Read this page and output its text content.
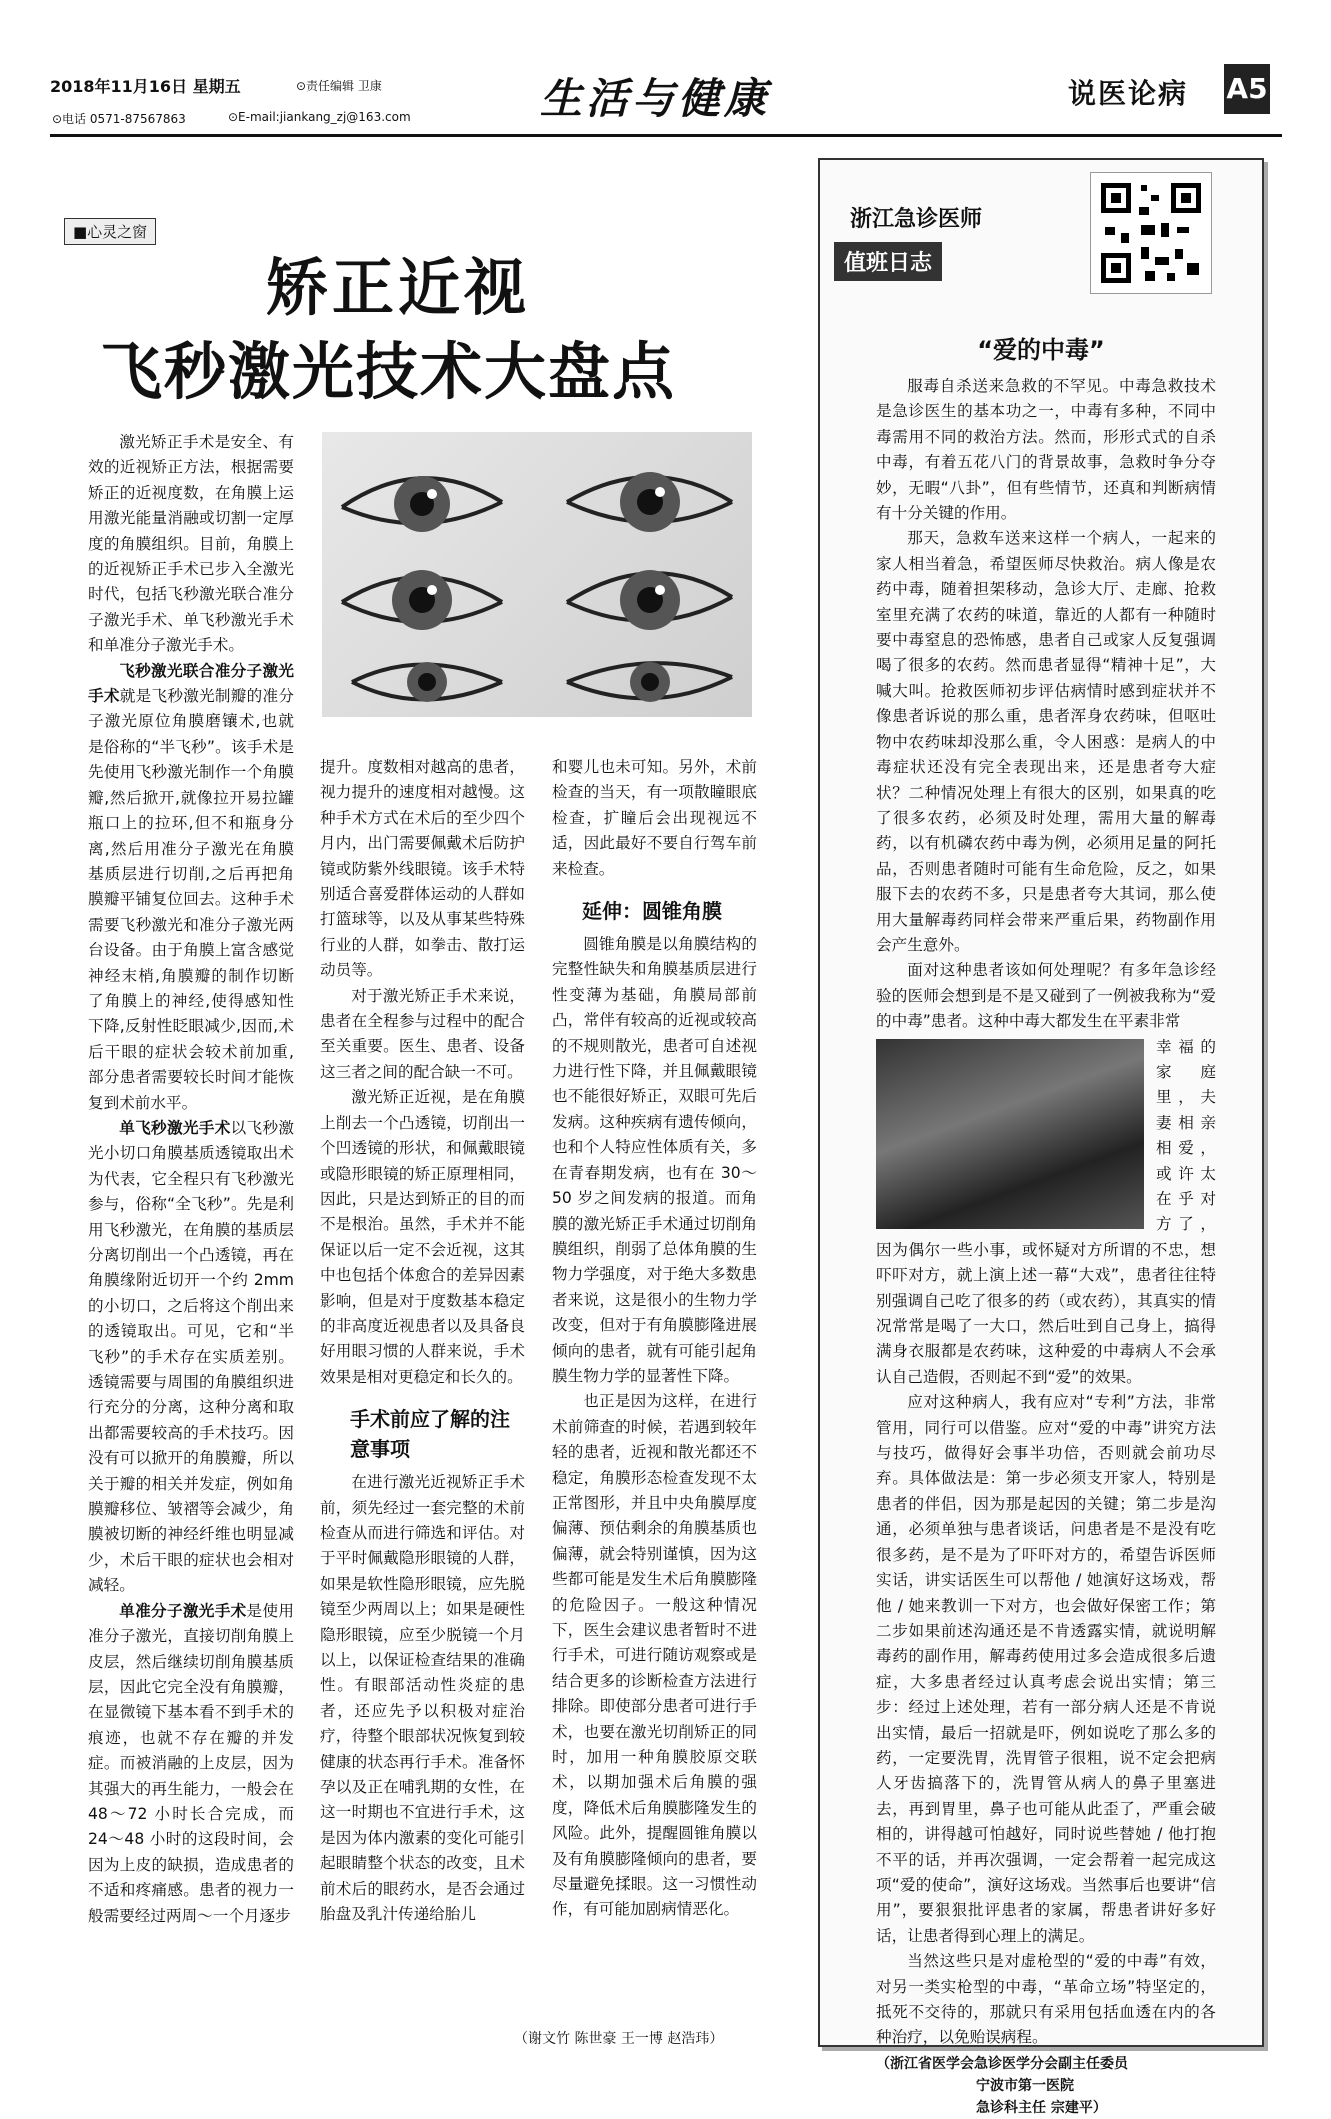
2018年11月16日 星期五	⊙责任编辑 卫康
⊙电话 0571-87567863	⊙E-mail:jiankang_zj@163.com	生活与健康	说医论病 A5
■心灵之窗
矫正近视
飞秒激光技术大盘点

激光矫正手术是安全、有效的近视矫正方法，根据需要矫正的近视度数，在角膜上运用激光能量消融或切割一定厚度的角膜组织。目前，角膜上的近视矫正手术已步入全激光时代，包括飞秒激光联合准分子激光手术、单飞秒激光手术和单准分子激光手术。

飞秒激光联合准分子激光手术就是飞秒激光制瓣的准分子激光原位角膜磨镶术,也就是俗称的“半飞秒”。该手术是先使用飞秒激光制作一个角膜瓣,然后掀开,就像拉开易拉罐瓶口上的拉环,但不和瓶身分离,然后用准分子激光在角膜基质层进行切削,之后再把角膜瓣平铺复位回去。这种手术需要飞秒激光和准分子激光两台设备。由于角膜上富含感觉神经末梢,角膜瓣的制作切断了角膜上的神经,使得感知性下降,反射性眨眼减少,因而,术后干眼的症状会较术前加重,部分患者需要较长时间才能恢复到术前水平。

单飞秒激光手术以飞秒激光小切口角膜基质透镜取出术为代表，它全程只有飞秒激光参与，俗称“全飞秒”。先是利用飞秒激光，在角膜的基质层分离切削出一个凸透镜，再在角膜缘附近切开一个约 2mm 的小切口，之后将这个削出来的透镜取出。可见，它和“半飞秒”的手术存在实质差别。透镜需要与周围的角膜组织进行充分的分离，这种分离和取出都需要较高的手术技巧。因没有可以掀开的角膜瓣，所以关于瓣的相关并发症，例如角膜瓣移位、皱褶等会减少，角膜被切断的神经纤维也明显减少，术后干眼的症状也会相对减轻。

单准分子激光手术是使用准分子激光，直接切削角膜上皮层，然后继续切削角膜基质层，因此它完全没有角膜瓣，在显微镜下基本看不到手术的痕迹，也就不存在瓣的并发症。而被消融的上皮层，因为其强大的再生能力，一般会在 48～72 小时长合完成，而 24～48 小时的这段时间，会因为上皮的缺损，造成患者的不适和疼痛感。患者的视力一般需要经过两周～一个月逐步

提升。度数相对越高的患者，视力提升的速度相对越慢。这种手术方式在术后的至少四个月内，出门需要佩戴术后防护镜或防紫外线眼镜。该手术特别适合喜爱群体运动的人群如打篮球等，以及从事某些特殊行业的人群，如拳击、散打运动员等。

对于激光矫正手术来说，患者在全程参与过程中的配合至关重要。医生、患者、设备这三者之间的配合缺一不可。

激光矫正近视，是在角膜上削去一个凸透镜，切削出一个凹透镜的形状，和佩戴眼镜或隐形眼镜的矫正原理相同，因此，只是达到矫正的目的而不是根治。虽然，手术并不能保证以后一定不会近视，这其中也包括个体愈合的差异因素影响，但是对于度数基本稳定的非高度近视患者以及具备良好用眼习惯的人群来说，手术效果是相对更稳定和长久的。

手术前应了解的注意事项

在进行激光近视矫正手术前，须先经过一套完整的术前检查从而进行筛选和评估。对于平时佩戴隐形眼镜的人群，如果是软性隐形眼镜，应先脱镜至少两周以上；如果是硬性隐形眼镜，应至少脱镜一个月以上，以保证检查结果的准确性。有眼部活动性炎症的患者，还应先予以积极对症治疗，待整个眼部状况恢复到较健康的状态再行手术。准备怀孕以及正在哺乳期的女性，在这一时期也不宜进行手术，这是因为体内激素的变化可能引起眼睛整个状态的改变，且术前术后的眼药水，是否会通过胎盘及乳汁传递给胎儿

和婴儿也未可知。另外，术前检查的当天，有一项散瞳眼底检查，扩瞳后会出现视远不适，因此最好不要自行驾车前来检查。

延伸：圆锥角膜

圆锥角膜是以角膜结构的完整性缺失和角膜基质层进行性变薄为基础，角膜局部前凸，常伴有较高的近视或较高的不规则散光，患者可自述视力进行性下降，并且佩戴眼镜也不能很好矫正，双眼可先后发病。这种疾病有遗传倾向，也和个人特应性体质有关，多在青春期发病，也有在 30～50 岁之间发病的报道。而角膜的激光矫正手术通过切削角膜组织，削弱了总体角膜的生物力学强度，对于绝大多数患者来说，这是很小的生物力学改变，但对于有角膜膨隆进展倾向的患者，就有可能引起角膜生物力学的显著性下降。

也正是因为这样，在进行术前筛查的时候，若遇到较年轻的患者，近视和散光都还不稳定，角膜形态检查发现不太正常图形，并且中央角膜厚度偏薄、预估剩余的角膜基质也偏薄，就会特别谨慎，因为这些都可能是发生术后角膜膨隆的危险因子。一般这种情况下，医生会建议患者暂时不进行手术，可进行随访观察或是结合更多的诊断检查方法进行排除。即使部分患者可进行手术，也要在激光切削矫正的同时，加用一种角膜胶原交联术，以期加强术后角膜的强度，降低术后角膜膨隆发生的风险。此外，提醒圆锥角膜以及有角膜膨隆倾向的患者，要尽量避免揉眼。这一习惯性动作，有可能加剧病情恶化。

（谢文竹 陈世豪 王一博 赵浩玮）
浙江急诊医师
值班日志
“爱的中毒”

服毒自杀送来急救的不罕见。中毒急救技术是急诊医生的基本功之一，中毒有多种，不同中毒需用不同的救治方法。然而，形形式式的自杀中毒，有着五花八门的背景故事，急救时争分夺妙，无暇“八卦”，但有些情节，还真和判断病情有十分关键的作用。

那天，急救车送来这样一个病人，一起来的家人相当着急，希望医师尽快救治。病人像是农药中毒，随着担架移动，急诊大厅、走廊、抢救室里充满了农药的味道，靠近的人都有一种随时要中毒窒息的恐怖感，患者自己或家人反复强调喝了很多的农药。然而患者显得“精神十足”，大喊大叫。抢救医师初步评估病情时感到症状并不像患者诉说的那么重，患者浑身农药味，但呕吐物中农药味却没那么重，令人困惑：是病人的中毒症状还没有完全表现出来，还是患者夸大症状？二种情况处理上有很大的区别，如果真的吃了很多农药，必须及时处理，需用大量的解毒药，以有机磷农药中毒为例，必须用足量的阿托品，否则患者随时可能有生命危险，反之，如果服下去的农药不多，只是患者夸大其词，那么使用大量解毒药同样会带来严重后果，药物副作用会产生意外。

面对这种患者该如何处理呢？有多年急诊经验的医师会想到是不是又碰到了一例被我称为“爱的中毒”患者。这种中毒大都发生在平素非常

幸福的家庭里，夫妻相亲相爱，或许太在乎对方了，因为偶尔一些小事，或怀疑对方所谓的不忠，想吓吓对方，就上演上述一幕“大戏”，患者往往特别强调自己吃了很多的药（或农药），其真实的情况常常是喝了一大口，然后吐到自己身上，搞得满身衣服都是农药味，这种爱的中毒病人不会承认自己造假，否则起不到“爱”的效果。

应对这种病人，我有应对“专利”方法，非常管用，同行可以借鉴。应对“爱的中毒”讲究方法与技巧，做得好会事半功倍，否则就会前功尽弃。具体做法是：第一步必须支开家人，特别是患者的伴侣，因为那是起因的关键；第二步是沟通，必须单独与患者谈话，问患者是不是没有吃很多药，是不是为了吓吓对方的，希望告诉医师实话，讲实话医生可以帮他 / 她演好这场戏，帮他 / 她来教训一下对方，也会做好保密工作；第二步如果前述沟通还是不肯透露实情，就说明解毒药的副作用，解毒药使用过多会造成很多后遗症，大多患者经过认真考虑会说出实情；第三步：经过上述处理，若有一部分病人还是不肯说出实情，最后一招就是吓，例如说吃了那么多的药，一定要洗胃，洗胃管子很粗，说不定会把病人牙齿搞落下的，洗胃管从病人的鼻子里塞进去，再到胃里，鼻子也可能从此歪了，严重会破相的，讲得越可怕越好，同时说些替她 / 他打抱不平的话，并再次强调，一定会帮着一起完成这项“爱的使命”，演好这场戏。当然事后也要讲“信用”，要狠狠批评患者的家属，帮患者讲好多好话，让患者得到心理上的满足。

当然这些只是对虚枪型的“爱的中毒”有效，对另一类实枪型的中毒，“革命立场”特坚定的，抵死不交待的，那就只有采用包括血透在内的各种治疗，以免贻误病程。

（浙江省医学会急诊医学分会副主任委员
宁波市第一医院
急诊科主任 宗建平）
